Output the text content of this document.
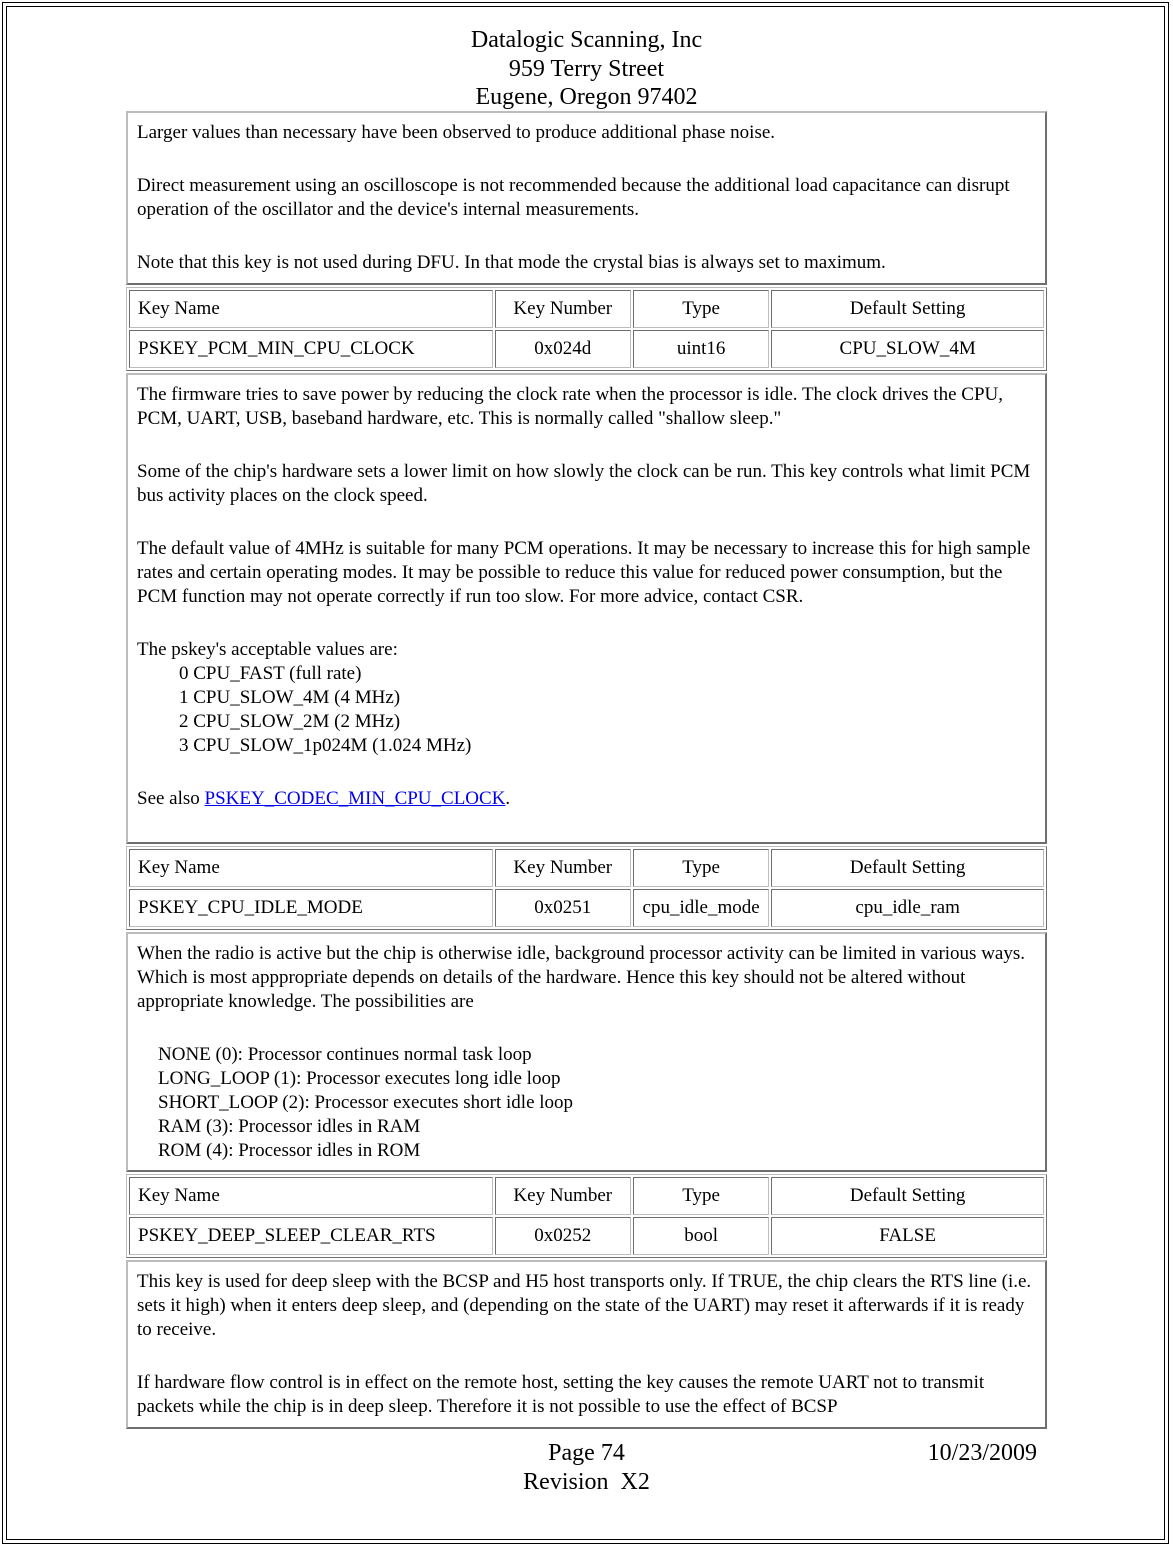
Datalogic Scanning, Inc
959 Terry Street
Eugene, Oregon 97402

Larger values than necessary have been observed to produce additional phase noise.

Direct measurement using an oscilloscope is not recommended because the additional load capacitance can disrupt operation of the oscillator and the device's internal measurements.

Note that this key is not used during DFU. In that mode the crystal bias is always set to maximum.

Key Name	Key Number	Type	Default Setting
PSKEY_PCM_MIN_CPU_CLOCK	0x024d	uint16	CPU_SLOW_4M

The firmware tries to save power by reducing the clock rate when the processor is idle. The clock drives the CPU, PCM, UART, USB, baseband hardware, etc. This is normally called "shallow sleep."

Some of the chip's hardware sets a lower limit on how slowly the clock can be run. This key controls what limit PCM bus activity places on the clock speed.

The default value of 4MHz is suitable for many PCM operations. It may be necessary to increase this for high sample rates and certain operating modes. It may be possible to reduce this value for reduced power consumption, but the PCM function may not operate correctly if run too slow. For more advice, contact CSR.

The pskey's acceptable values are:
0 CPU_FAST (full rate)
1 CPU_SLOW_4M (4 MHz)
2 CPU_SLOW_2M (2 MHz)
3 CPU_SLOW_1p024M (1.024 MHz)

See also PSKEY_CODEC_MIN_CPU_CLOCK.

Key Name	Key Number	Type	Default Setting
PSKEY_CPU_IDLE_MODE	0x0251	cpu_idle_mode	cpu_idle_ram

When the radio is active but the chip is otherwise idle, background processor activity can be limited in various ways. Which is most apppropriate depends on details of the hardware. Hence this key should not be altered without appropriate knowledge. The possibilities are

NONE (0): Processor continues normal task loop
LONG_LOOP (1): Processor executes long idle loop
SHORT_LOOP (2): Processor executes short idle loop
RAM (3): Processor idles in RAM
ROM (4): Processor idles in ROM

Key Name	Key Number	Type	Default Setting
PSKEY_DEEP_SLEEP_CLEAR_RTS	0x0252	bool	FALSE

This key is used for deep sleep with the BCSP and H5 host transports only. If TRUE, the chip clears the RTS line (i.e. sets it high) when it enters deep sleep, and (depending on the state of the UART) may reset it afterwards if it is ready to receive.

If hardware flow control is in effect on the remote host, setting the key causes the remote UART not to transmit packets while the chip is in deep sleep. Therefore it is not possible to use the effect of BCSP

Page 74	10/23/2009
Revision  X2
